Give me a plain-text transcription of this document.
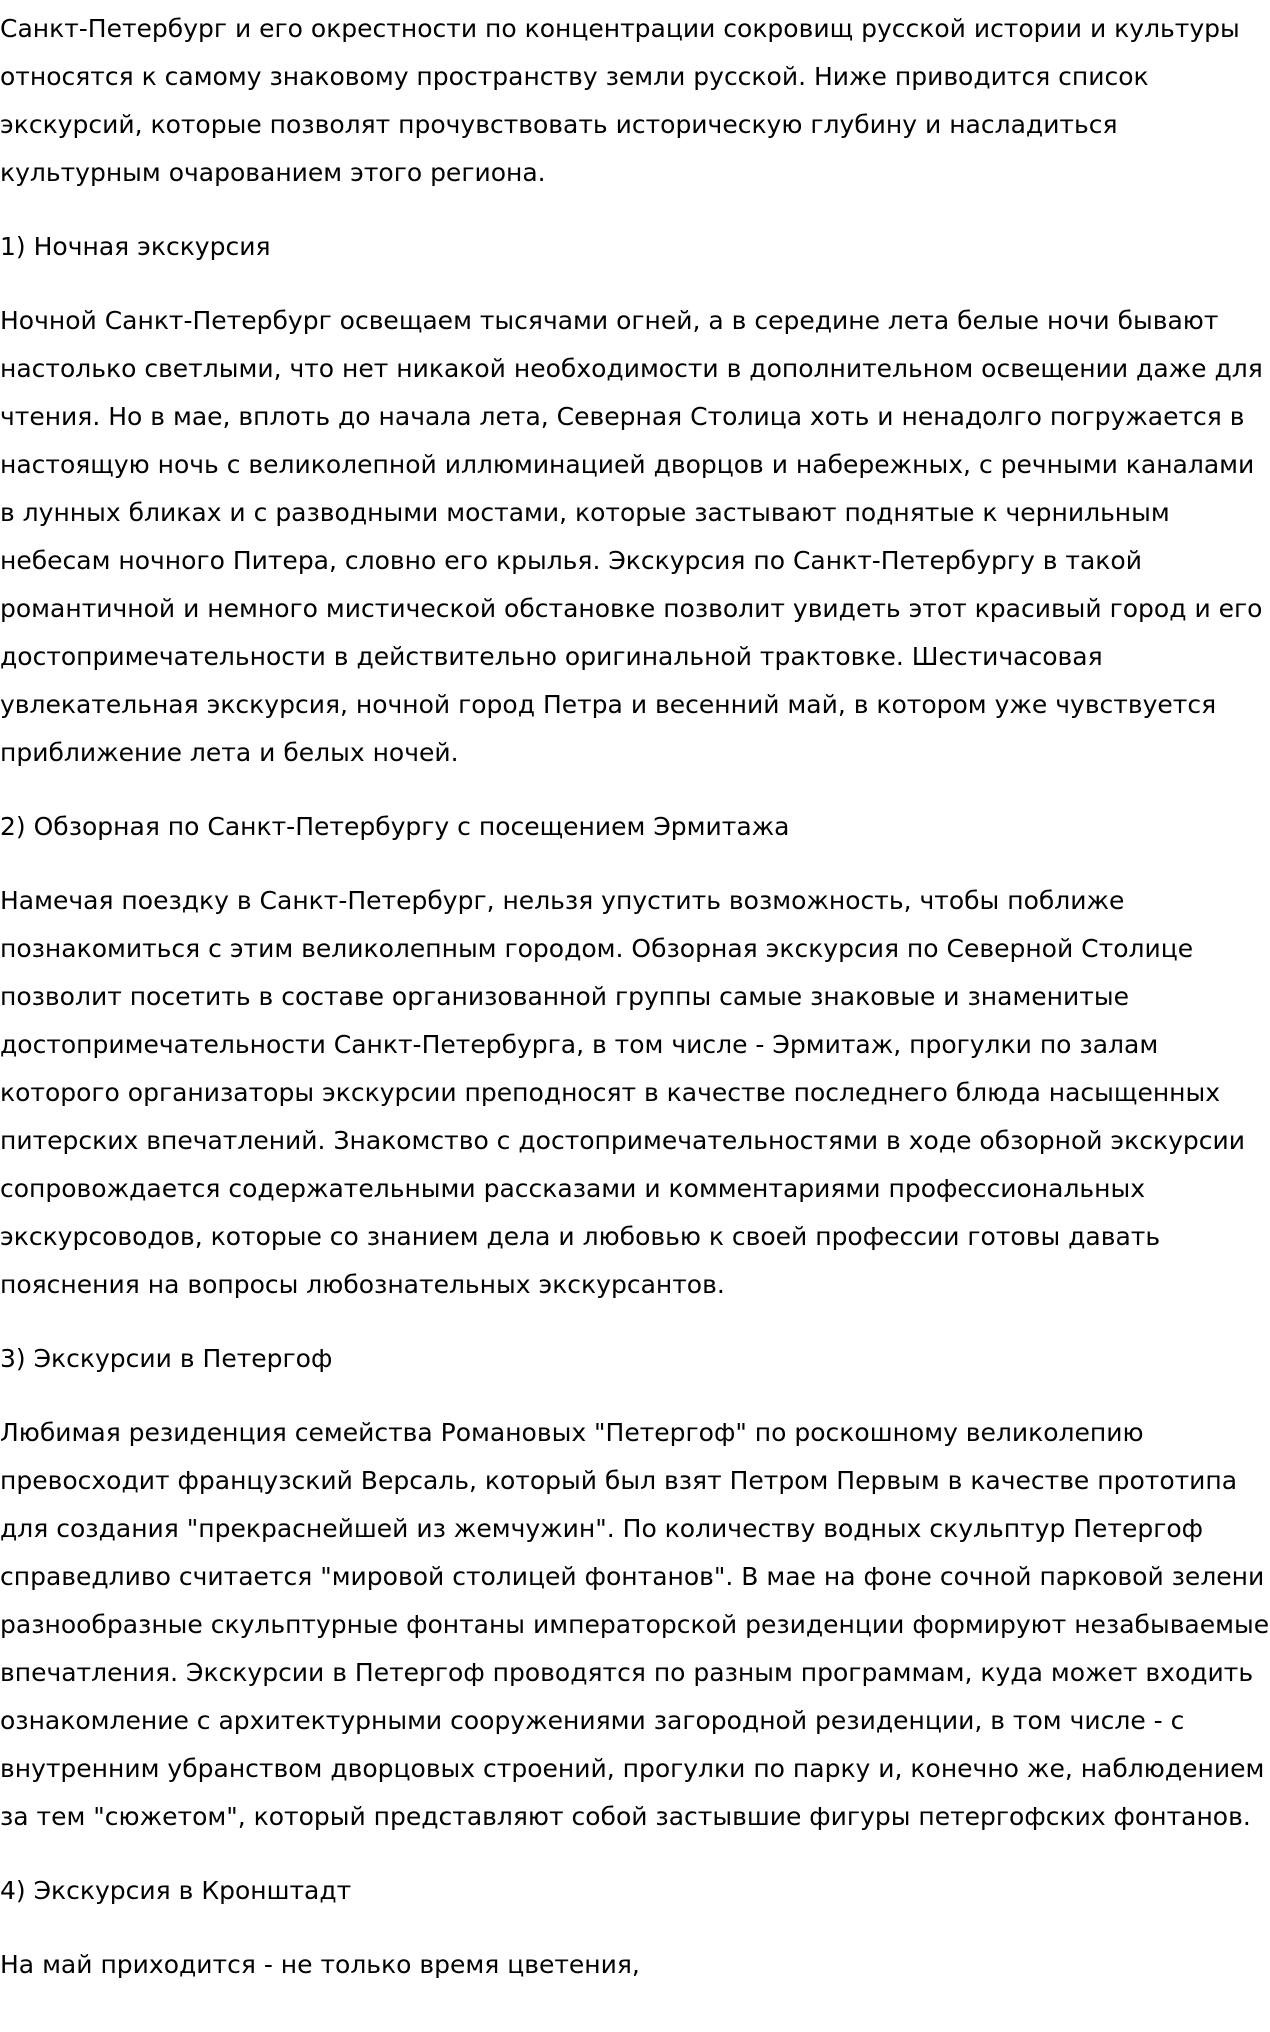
Санкт-Петербург и его окрестности по концентрации сокровищ русской истории и культуры относятся к самому знаковому пространству земли русской. Ниже приводится список экскурсий, которые позволят прочувствовать историческую глубину и насладиться культурным очарованием этого региона.

1) Ночная экскурсия

Ночной Санкт-Петербург освещаем тысячами огней, а в середине лета белые ночи бывают настолько светлыми, что нет никакой необходимости в дополнительном освещении даже для чтения. Но в мае, вплоть до начала лета, Северная Столица хоть и ненадолго погружается в настоящую ночь с великолепной иллюминацией дворцов и набережных, с речными каналами в лунных бликах и с разводными мостами, которые застывают поднятые к чернильным небесам ночного Питера, словно его крылья. Экскурсия по Санкт-Петербургу в такой романтичной и немного мистической обстановке позволит увидеть этот красивый город и его достопримечательности в действительно оригинальной трактовке. Шестичасовая увлекательная экскурсия, ночной город Петра и весенний май, в котором уже чувствуется приближение лета и белых ночей.

2) Обзорная по Санкт-Петербургу с посещением Эрмитажа

Намечая поездку в Санкт-Петербург, нельзя упустить возможность, чтобы поближе познакомиться с этим великолепным городом. Обзорная экскурсия по Северной Столице позволит посетить в составе организованной группы самые знаковые и знаменитые достопримечательности Санкт-Петербурга, в том числе - Эрмитаж, прогулки по залам которого организаторы экскурсии преподносят в качестве последнего блюда насыщенных питерских впечатлений. Знакомство с достопримечательностями в ходе обзорной экскурсии сопровождается содержательными рассказами и комментариями профессиональных экскурсоводов, которые со знанием дела и любовью к своей профессии готовы давать пояснения на вопросы любознательных экскурсантов.

3) Экскурсии в Петергоф

Любимая резиденция семейства Романовых "Петергоф" по роскошному великолепию превосходит французский Версаль, который был взят Петром Первым в качестве прототипа для создания "прекраснейшей из жемчужин". По количеству водных скульптур Петергоф справедливо считается "мировой столицей фонтанов". В мае на фоне сочной парковой зелени разнообразные скульптурные фонтаны императорской резиденции формируют незабываемые впечатления. Экскурсии в Петергоф проводятся по разным программам, куда может входить ознакомление с архитектурными сооружениями загородной резиденции, в том числе - с внутренним убранством дворцовых строений, прогулки по парку и, конечно же, наблюдением за тем "сюжетом", который представляют собой застывшие фигуры петергофских фонтанов.

4) Экскурсия в Кронштадт

На май приходится - не только время цветения,
